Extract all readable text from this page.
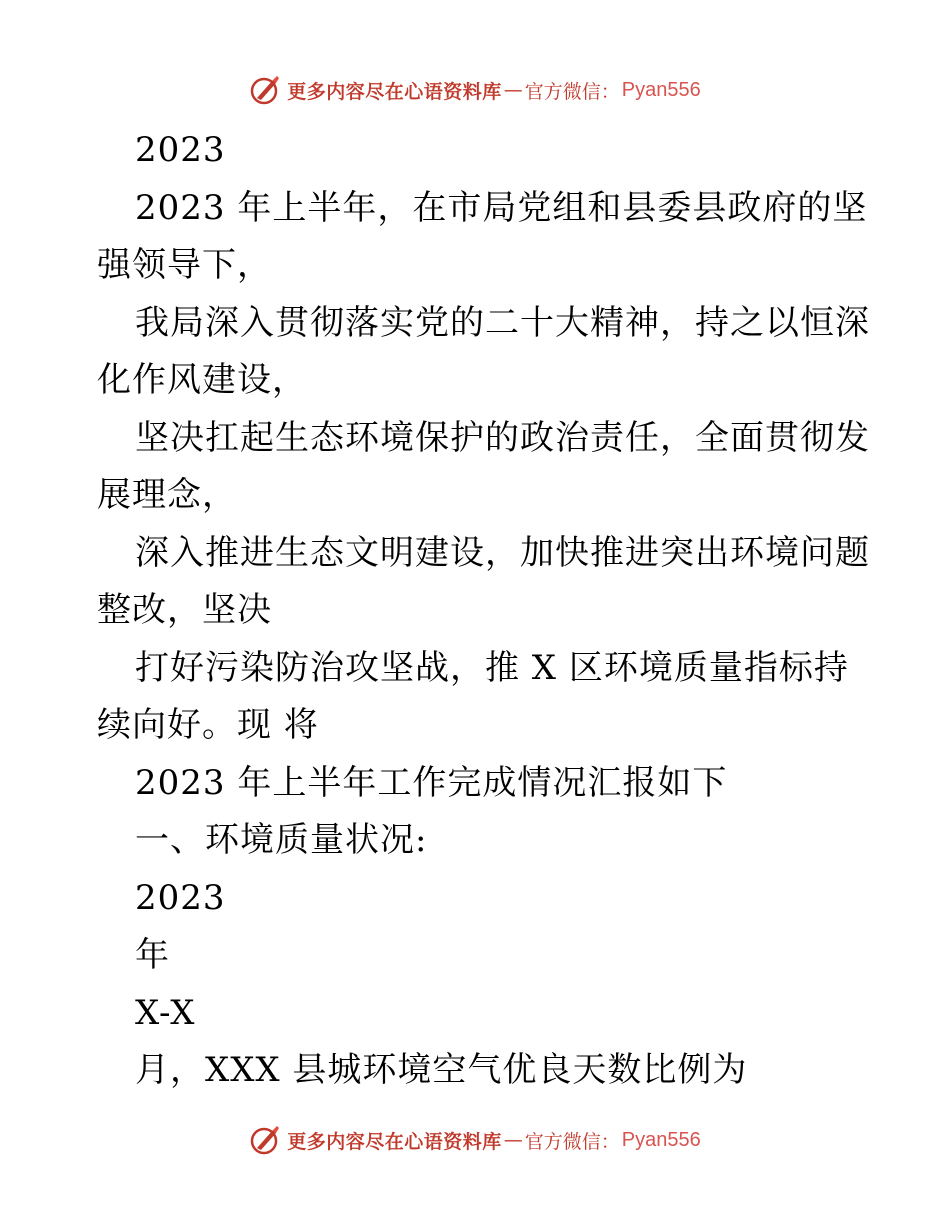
更多内容尽在心语资料库 — 官方微信： Pyan556
2023
2023 年上半年，在市局党组和县委县政府的坚
强领导下，
我局深入贯彻落实党的二十大精神，持之以恒深
化作风建设，
坚决扛起生态环境保护的政治责任，全面贯彻发
展理念，
深入推进生态文明建设，加快推进突出环境问题
整改，坚决
打好污染防治攻坚战，推 X 区环境质量指标持
续向好。现 将
2023 年上半年工作完成情况汇报如下
一、环境质量状况:
2023
年
X-X
月，XXX 县城环境空气优良天数比例为
更多内容尽在心语资料库 — 官方微信： Pyan556
